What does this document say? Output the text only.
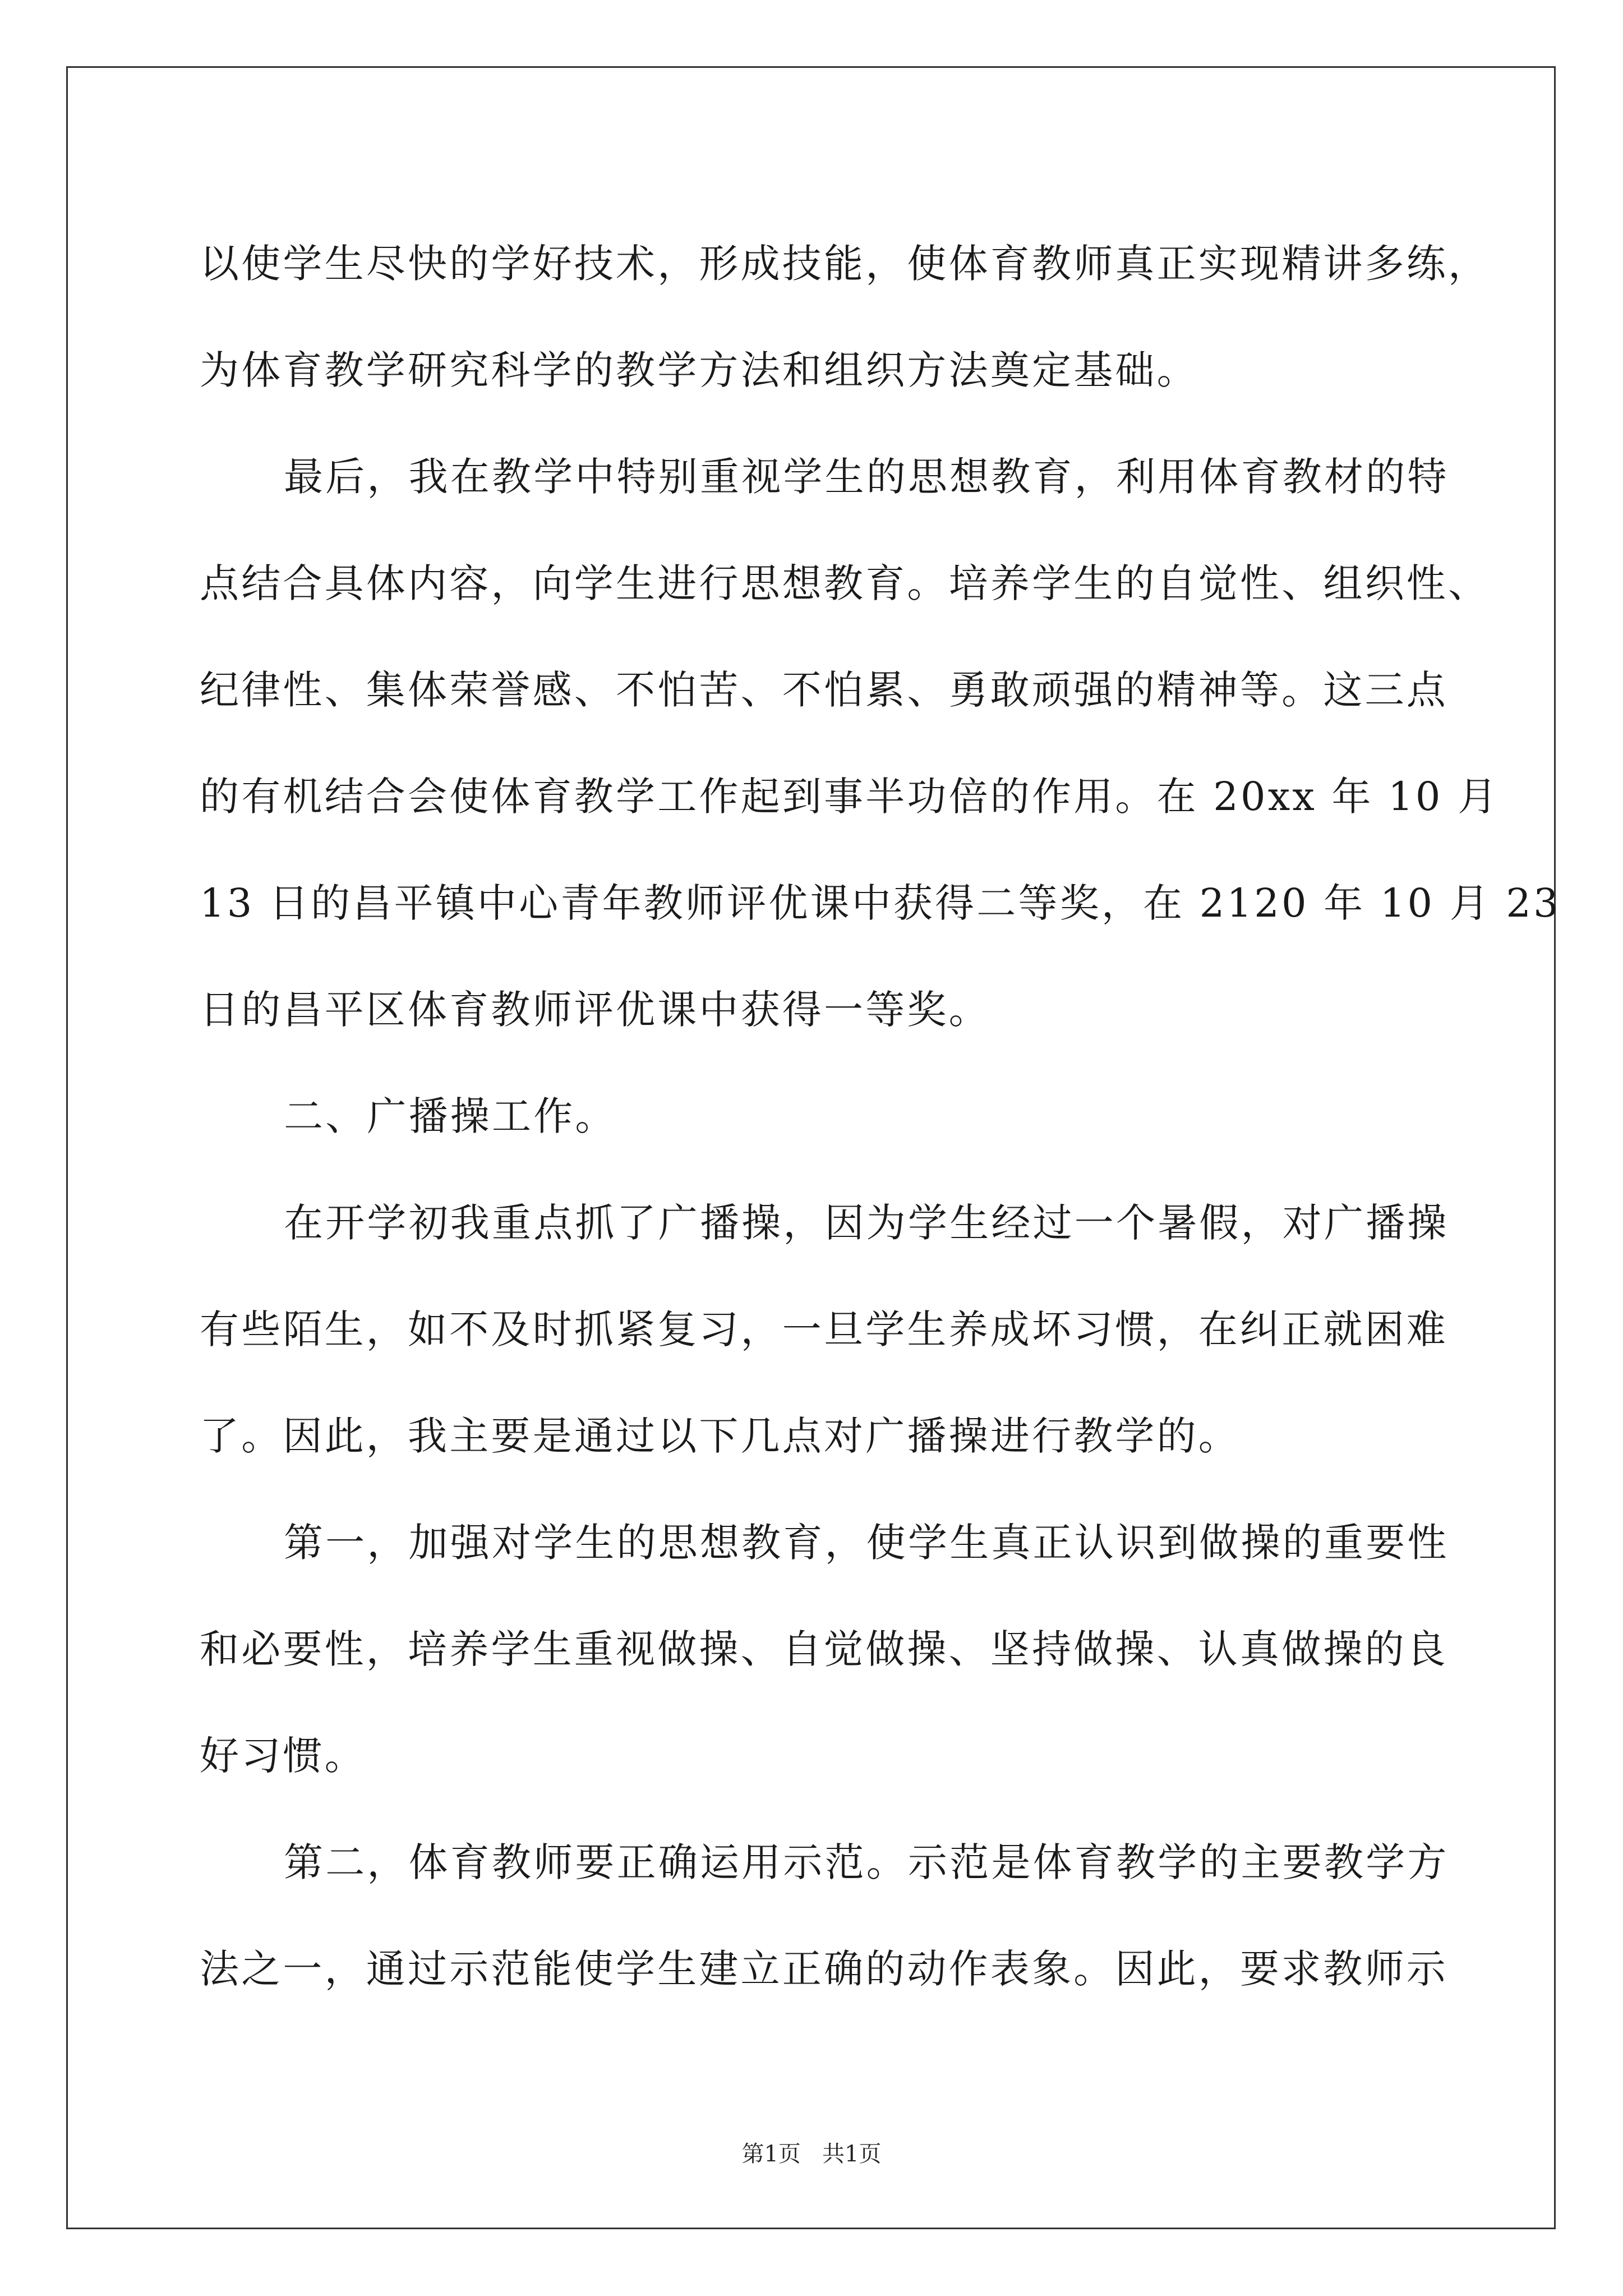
以使学生尽快的学好技术，形成技能，使体育教师真正实现精讲多练，
为体育教学研究科学的教学方法和组织方法奠定基础。
最后，我在教学中特别重视学生的思想教育，利用体育教材的特
点结合具体内容，向学生进行思想教育。培养学生的自觉性、组织性、
纪律性、集体荣誉感、不怕苦、不怕累、勇敢顽强的精神等。这三点
的有机结合会使体育教学工作起到事半功倍的作用。在 20xx 年 10 月
13 日的昌平镇中心青年教师评优课中获得二等奖，在 2120 年 10 月 23
日的昌平区体育教师评优课中获得一等奖。
二、广播操工作。
在开学初我重点抓了广播操，因为学生经过一个暑假，对广播操
有些陌生，如不及时抓紧复习，一旦学生养成坏习惯，在纠正就困难
了。因此，我主要是通过以下几点对广播操进行教学的。
第一，加强对学生的思想教育，使学生真正认识到做操的重要性
和必要性，培养学生重视做操、自觉做操、坚持做操、认真做操的良
好习惯。
第二，体育教师要正确运用示范。示范是体育教学的主要教学方
法之一，通过示范能使学生建立正确的动作表象。因此，要求教师示
第1页   共1页
